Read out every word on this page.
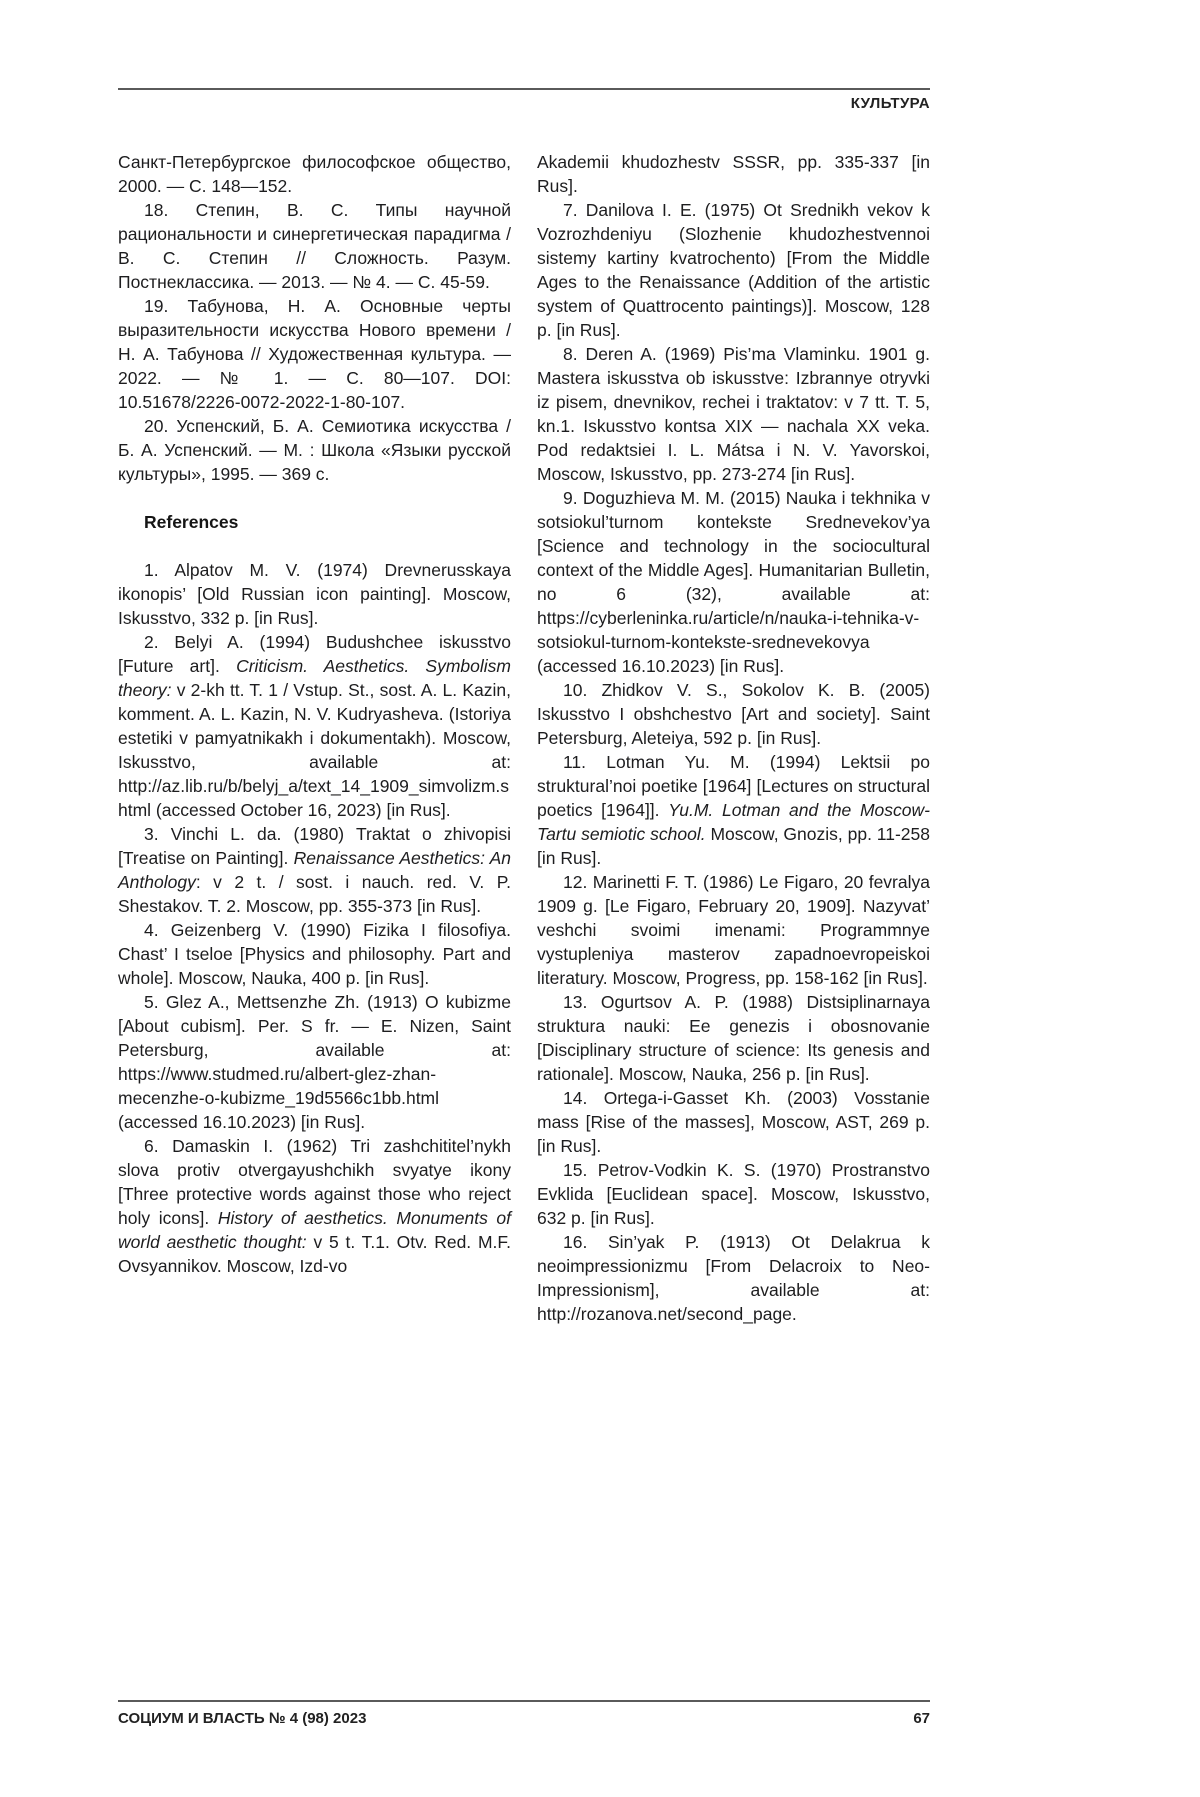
КУЛЬТУРА

Санкт-Петербургское философское общество, 2000. — С. 148—152.

18. Степин, В. С. Типы научной рациональности и синергетическая парадигма / В. С. Степин // Сложность. Разум. Постнеклассика. — 2013. — № 4. — С. 45-59.

19. Табунова, Н. А. Основные черты выразительности искусства Нового времени / Н. А. Табунова // Художественная культура. — 2022. — № 1. — С. 80—107. DOI: 10.51678/2226-0072-2022-1-80-107.

20. Успенский, Б. А. Семиотика искусства / Б. А. Успенский. — М. : Школа «Языки русской культуры», 1995. — 369 с.

References

1. Alpatov M. V. (1974) Drevnerusskaya ikonopis’ [Old Russian icon painting]. Moscow, Iskusstvo, 332 p. [in Rus].

2. Belyi A. (1994) Budushchee iskusstvo [Future art]. Criticism. Aesthetics. Symbolism theory: v 2-kh tt. T. 1 / Vstup. St., sost. A. L. Kazin, komment. A. L. Kazin, N. V. Kudryasheva. (Istoriya estetiki v pamyatnikakh i dokumentakh). Moscow, Iskusstvo, available at: http://az.lib.ru/b/belyj_a/text_14_1909_simvolizm.shtml (accessed October 16, 2023) [in Rus].

3. Vinchi L. da. (1980) Traktat o zhivopisi [Treatise on Painting]. Renaissance Aesthetics: An Anthology: v 2 t. / sost. i nauch. red. V. P. Shestakov. T. 2. Moscow, pp. 355-373 [in Rus].

4. Geizenberg V. (1990) Fizika I filosofiya. Chast’ I tseloe [Physics and philosophy. Part and whole]. Moscow, Nauka, 400 p. [in Rus].

5. Glez A., Mettsenzhe Zh. (1913) O kubizme [About cubism]. Per. S fr. — E. Nizen, Saint Petersburg, available at: https://www.studmed.ru/albert-glez-zhan-mecenzhe-o-kubizme_19d5566c1bb.html (accessed 16.10.2023) [in Rus].

6. Damaskin I. (1962) Tri zashchititel’nykh slova protiv otvergayushchikh svyatye ikony [Three protective words against those who reject holy icons]. History of aesthetics. Monuments of world aesthetic thought: v 5 t. T.1. Otv. Red. M.F. Ovsyannikov. Moscow, Izd-vo

Akademii khudozhestv SSSR, pp. 335-337 [in Rus].

7. Danilova I. E. (1975) Ot Srednikh vekov k Vozrozhdeniyu (Slozhenie khudozhestvennoi sistemy kartiny kvatrochento) [From the Middle Ages to the Renaissance (Addition of the artistic system of Quattrocento paintings)]. Moscow, 128 p. [in Rus].

8. Deren A. (1969) Pis’ma Vlaminku. 1901 g. Mastera iskusstva ob iskusstve: Izbrannye otryvki iz pisem, dnevnikov, rechei i traktatov: v 7 tt. T. 5, kn.1. Iskusstvo kontsa XIX — nachala XX veka. Pod redaktsiei I. L. Mátsa i N. V. Yavorskoi, Moscow, Iskusstvo, pp. 273-274 [in Rus].

9. Doguzhieva M. M. (2015) Nauka i tekhnika v sotsiokul’turnom kontekste Srednevekov’ya [Science and technology in the sociocultural context of the Middle Ages]. Humanitarian Bulletin, no 6 (32), available at: https://cyberleninka.ru/article/n/nauka-i-tehnika-v-sotsiokul-turnom-kontekste-srednevekovya (accessed 16.10.2023) [in Rus].

10. Zhidkov V. S., Sokolov K. B. (2005) Iskusstvo I obshchestvo [Art and society]. Saint Petersburg, Aleteiya, 592 p. [in Rus].

11. Lotman Yu. M. (1994) Lektsii po struktural’noi poetike [1964] [Lectures on structural poetics [1964]]. Yu.M. Lotman and the Moscow-Tartu semiotic school. Moscow, Gnozis, pp. 11-258 [in Rus].

12. Marinetti F. T. (1986) Le Figaro, 20 fevralya 1909 g. [Le Figaro, February 20, 1909]. Nazyvat’ veshchi svoimi imenami: Programmnye vystupleniya masterov zapadnoevropeiskoi literatury. Moscow, Progress, pp. 158-162 [in Rus].

13. Ogurtsov A. P. (1988) Distsiplinarnaya struktura nauki: Ee genezis i obosnovanie [Disciplinary structure of science: Its genesis and rationale]. Moscow, Nauka, 256 p. [in Rus].

14. Ortega-i-Gasset Kh. (2003) Vosstanie mass [Rise of the masses], Moscow, AST, 269 p. [in Rus].

15. Petrov-Vodkin K. S. (1970) Prostranstvo Evklida [Euclidean space]. Moscow, Iskusstvo, 632 p. [in Rus].

16. Sin’yak P. (1913) Ot Delakrua k neoimpressionizmu [From Delacroix to Neo-Impressionism], available at: http://rozanova.net/second_page.

СОЦИУМ И ВЛАСТЬ № 4 (98) 2023	67
